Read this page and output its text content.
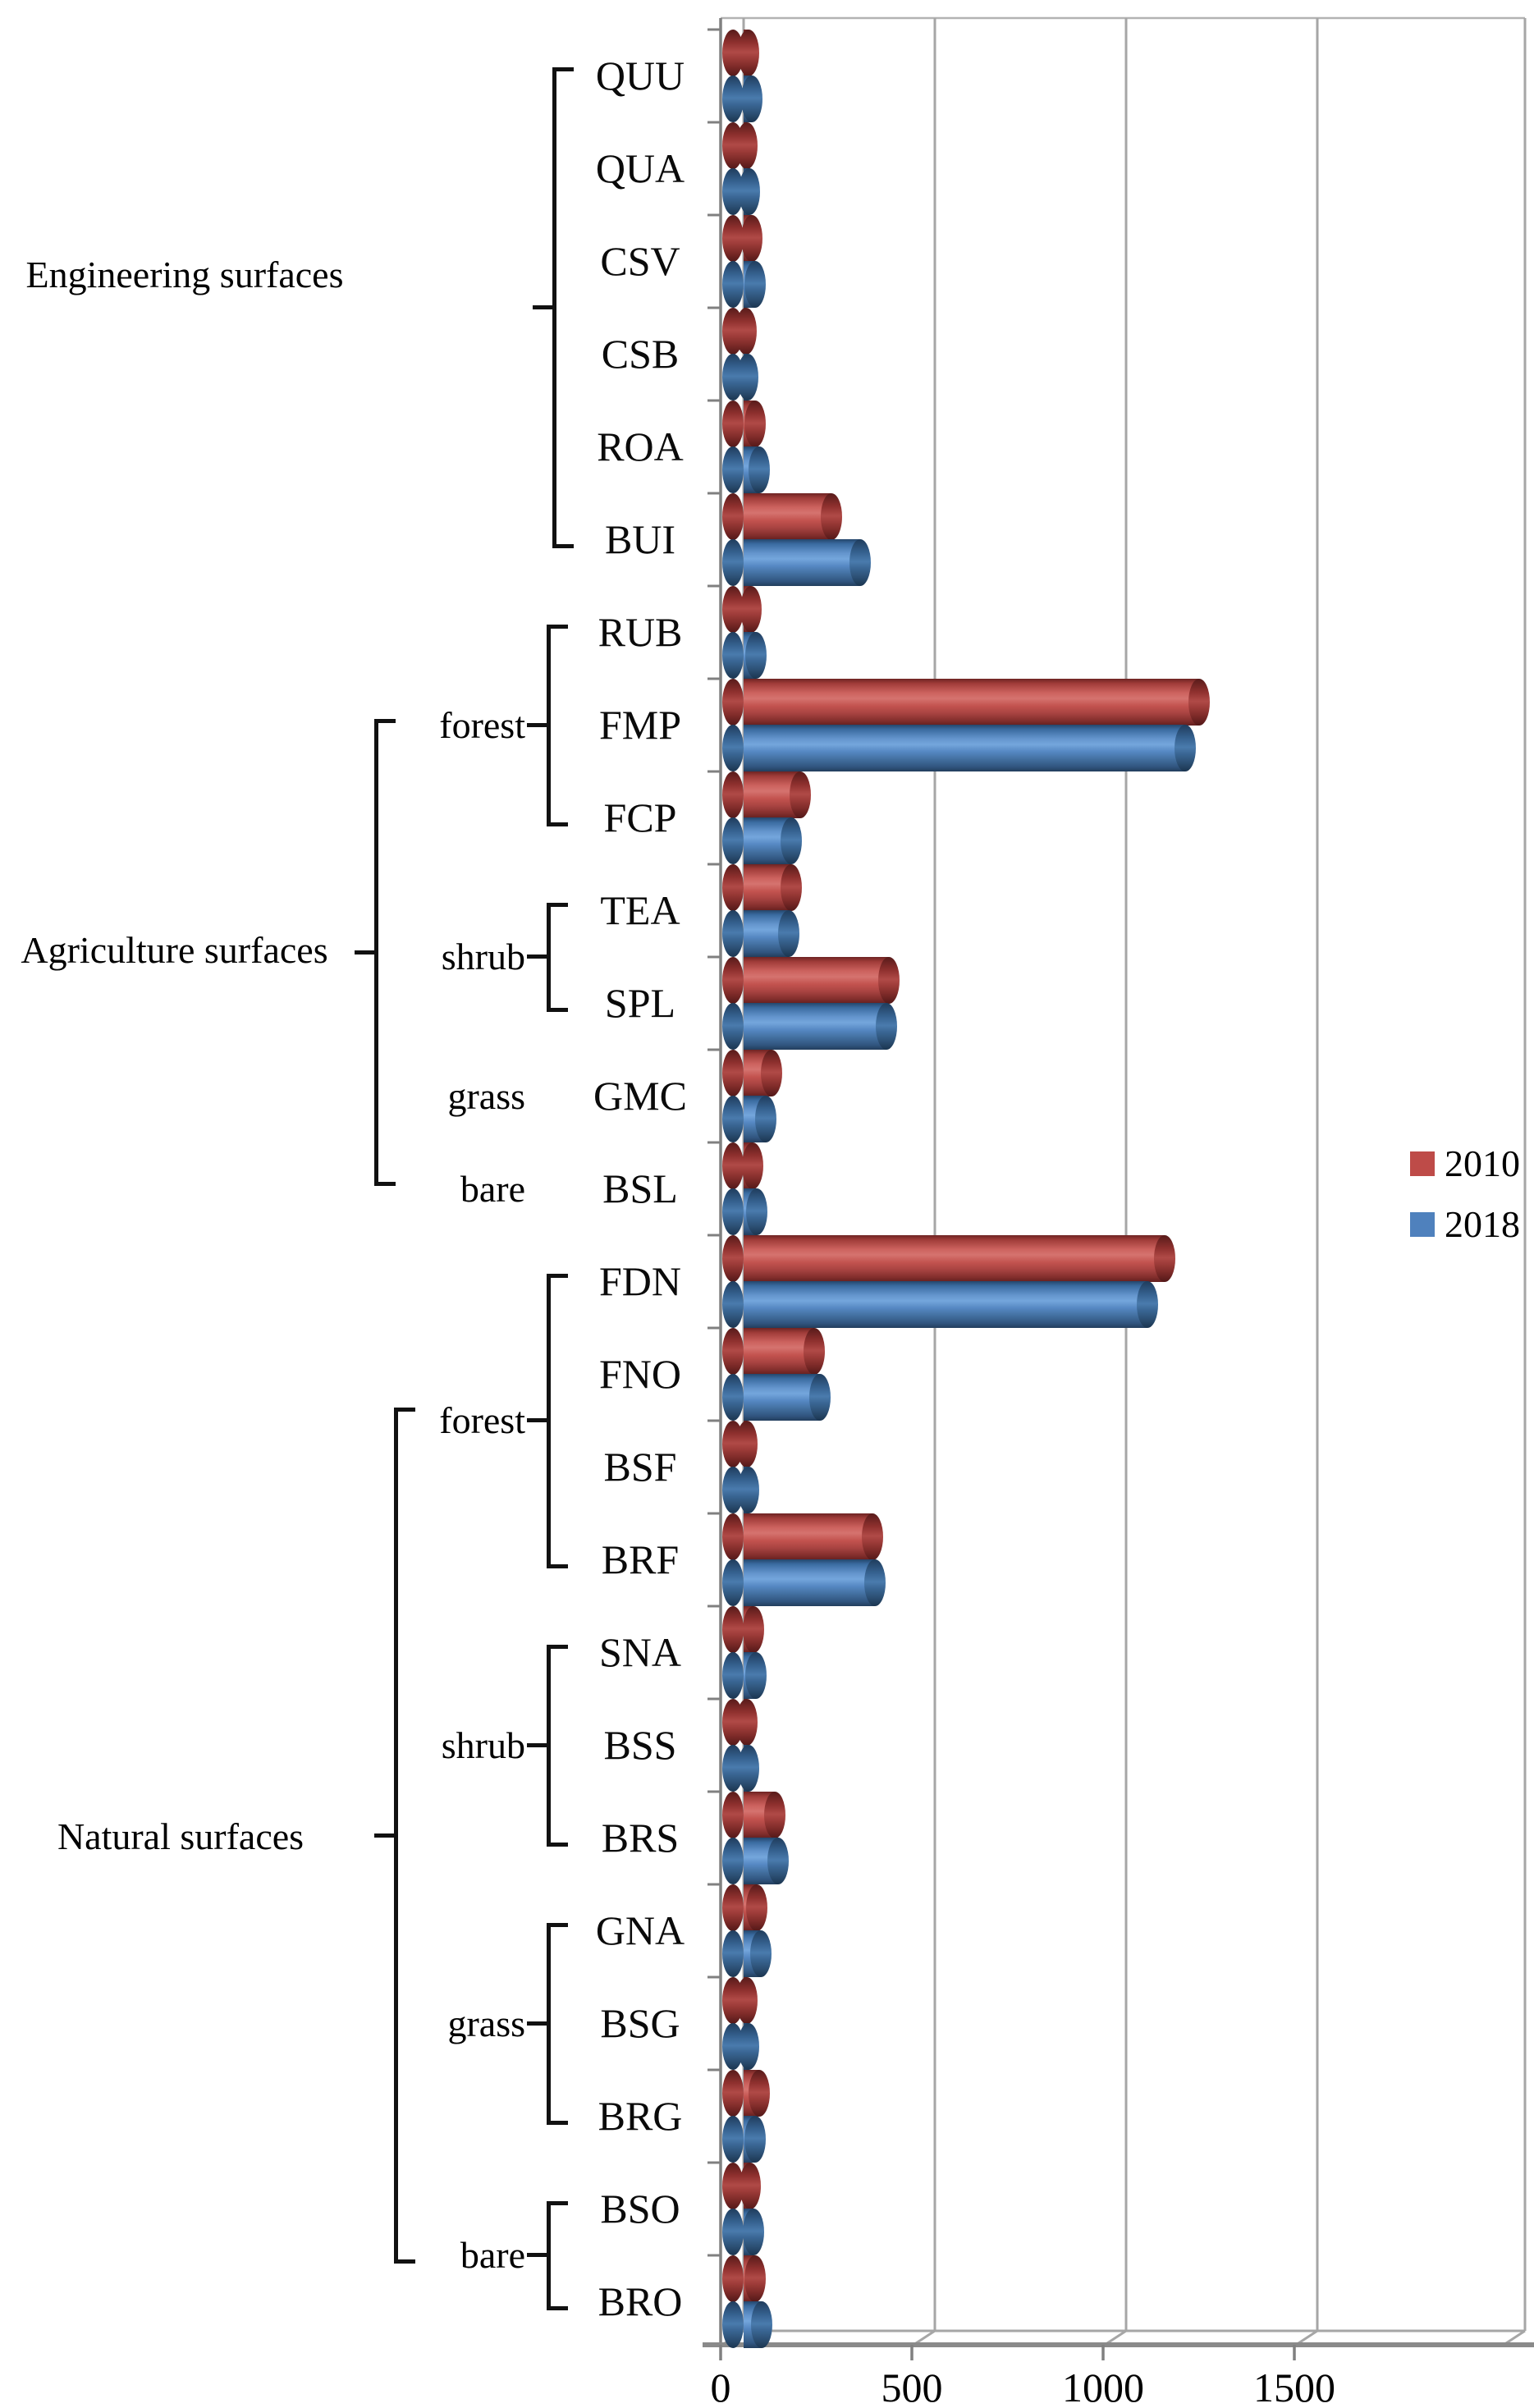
Engineering surfaces
Agriculture surfaces
Natural surfaces
QUU
QUA
CSV
CSB
ROA
BUI
RUB
FMP
FCP
TEA
SPL
GMC
BSL
FDN
FNO
BSF
BRF
SNA
BSS
BRS
GNA
BSG
BRG
BSO
BRO
forest
shrub
grass
bare
forest
shrub
grass
bare
0	500	1000	1500
2010
2018
